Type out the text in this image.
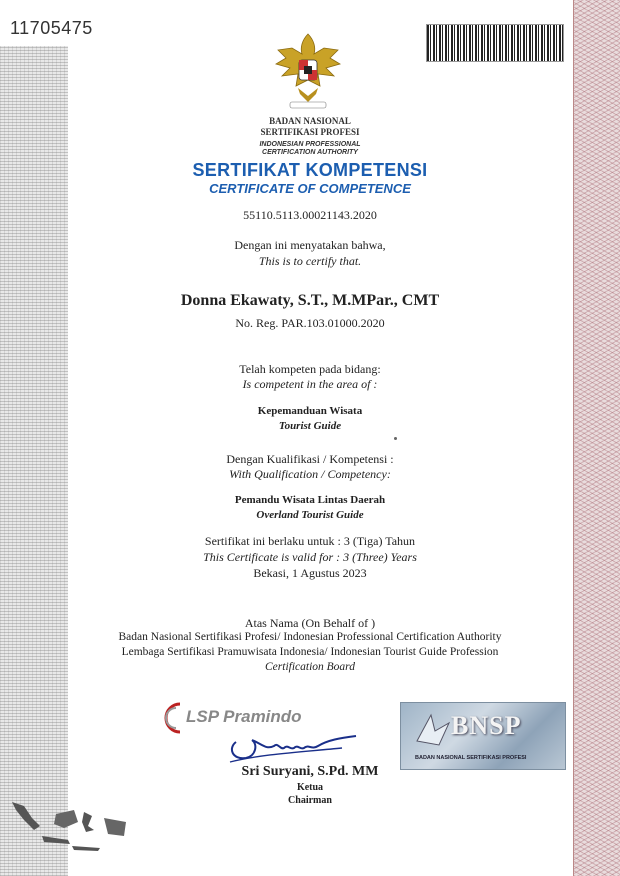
11705475
BADAN NASIONAL
SERTIFIKASI PROFESI
INDONESIAN PROFESSIONAL
CERTIFICATION AUTHORITY
SERTIFIKAT KOMPETENSI
CERTIFICATE OF COMPETENCE
55110.5113.00021143.2020
Dengan ini menyatakan bahwa,
This is to certify that.
Donna Ekawaty, S.T., M.MPar., CMT
No. Reg. PAR.103.01000.2020
Telah kompeten pada bidang:
Is competent in the area of :
Kepemanduan Wisata
Tourist Guide
Dengan Kualifikasi / Kompetensi :
With Qualification / Competency:
Pemandu Wisata Lintas Daerah
Overland Tourist Guide
Sertifikat ini berlaku untuk : 3 (Tiga) Tahun
This Certificate is valid for : 3 (Three) Years
Bekasi, 1 Agustus 2023
Atas Nama (On Behalf of )
Badan Nasional Sertifikasi Profesi/ Indonesian Professional Certification Authority
Lembaga Sertifikasi Pramuwisata Indonesia/ Indonesian Tourist Guide Profession
Certification Board
LSP Pramindo	BNSP
BADAN NASIONAL SERTIFIKASI PROFESI
Sri Suryani, S.Pd. MM
Ketua
Chairman
